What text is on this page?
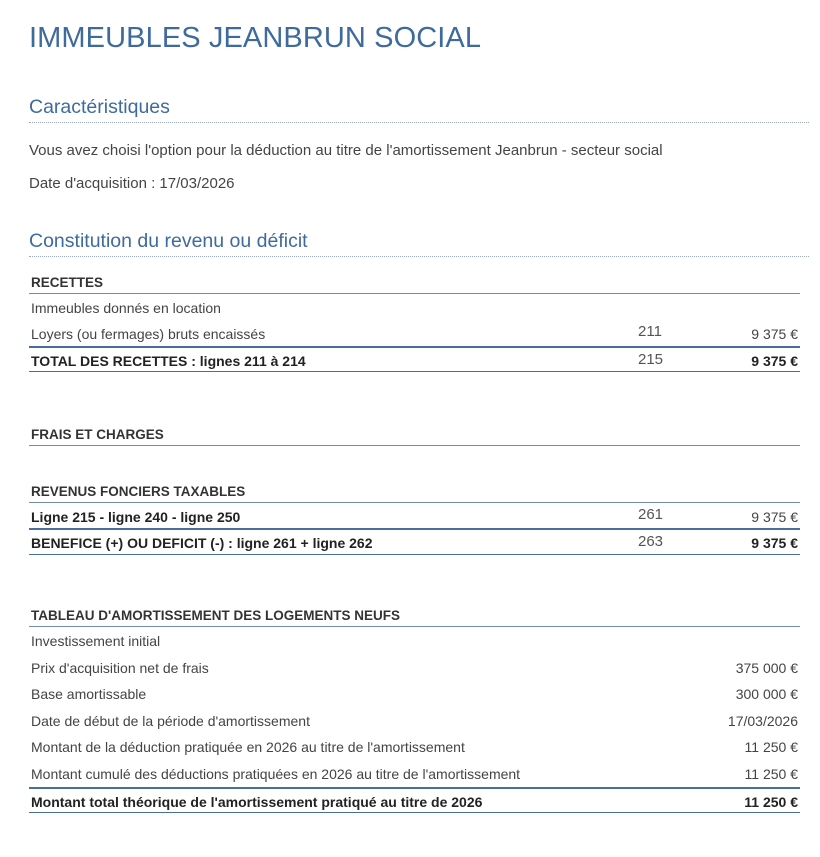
IMMEUBLES JEANBRUN SOCIAL
Caractéristiques
Vous avez choisi l'option pour la déduction au titre de l'amortissement Jeanbrun - secteur social
Date d'acquisition : 17/03/2026
Constitution du revenu ou déficit
RECETTES
Immeubles donnés en location
Loyers (ou fermages) bruts encaissés	211	9 375 €
TOTAL DES RECETTES : lignes 211 à 214	215	9 375 €
FRAIS ET CHARGES
REVENUS FONCIERS TAXABLES
Ligne 215 - ligne 240 - ligne 250	261	9 375 €
BENEFICE (+) OU DEFICIT (-) : ligne 261 + ligne 262	263	9 375 €
TABLEAU D'AMORTISSEMENT DES LOGEMENTS NEUFS
Investissement initial
Prix d'acquisition net de frais	375 000 €
Base amortissable	300 000 €
Date de début de la période d'amortissement	17/03/2026
Montant de la déduction pratiquée en 2026 au titre de l'amortissement	11 250 €
Montant cumulé des déductions pratiquées en 2026 au titre de l'amortissement	11 250 €
Montant total théorique de l'amortissement pratiqué au titre de 2026	11 250 €
